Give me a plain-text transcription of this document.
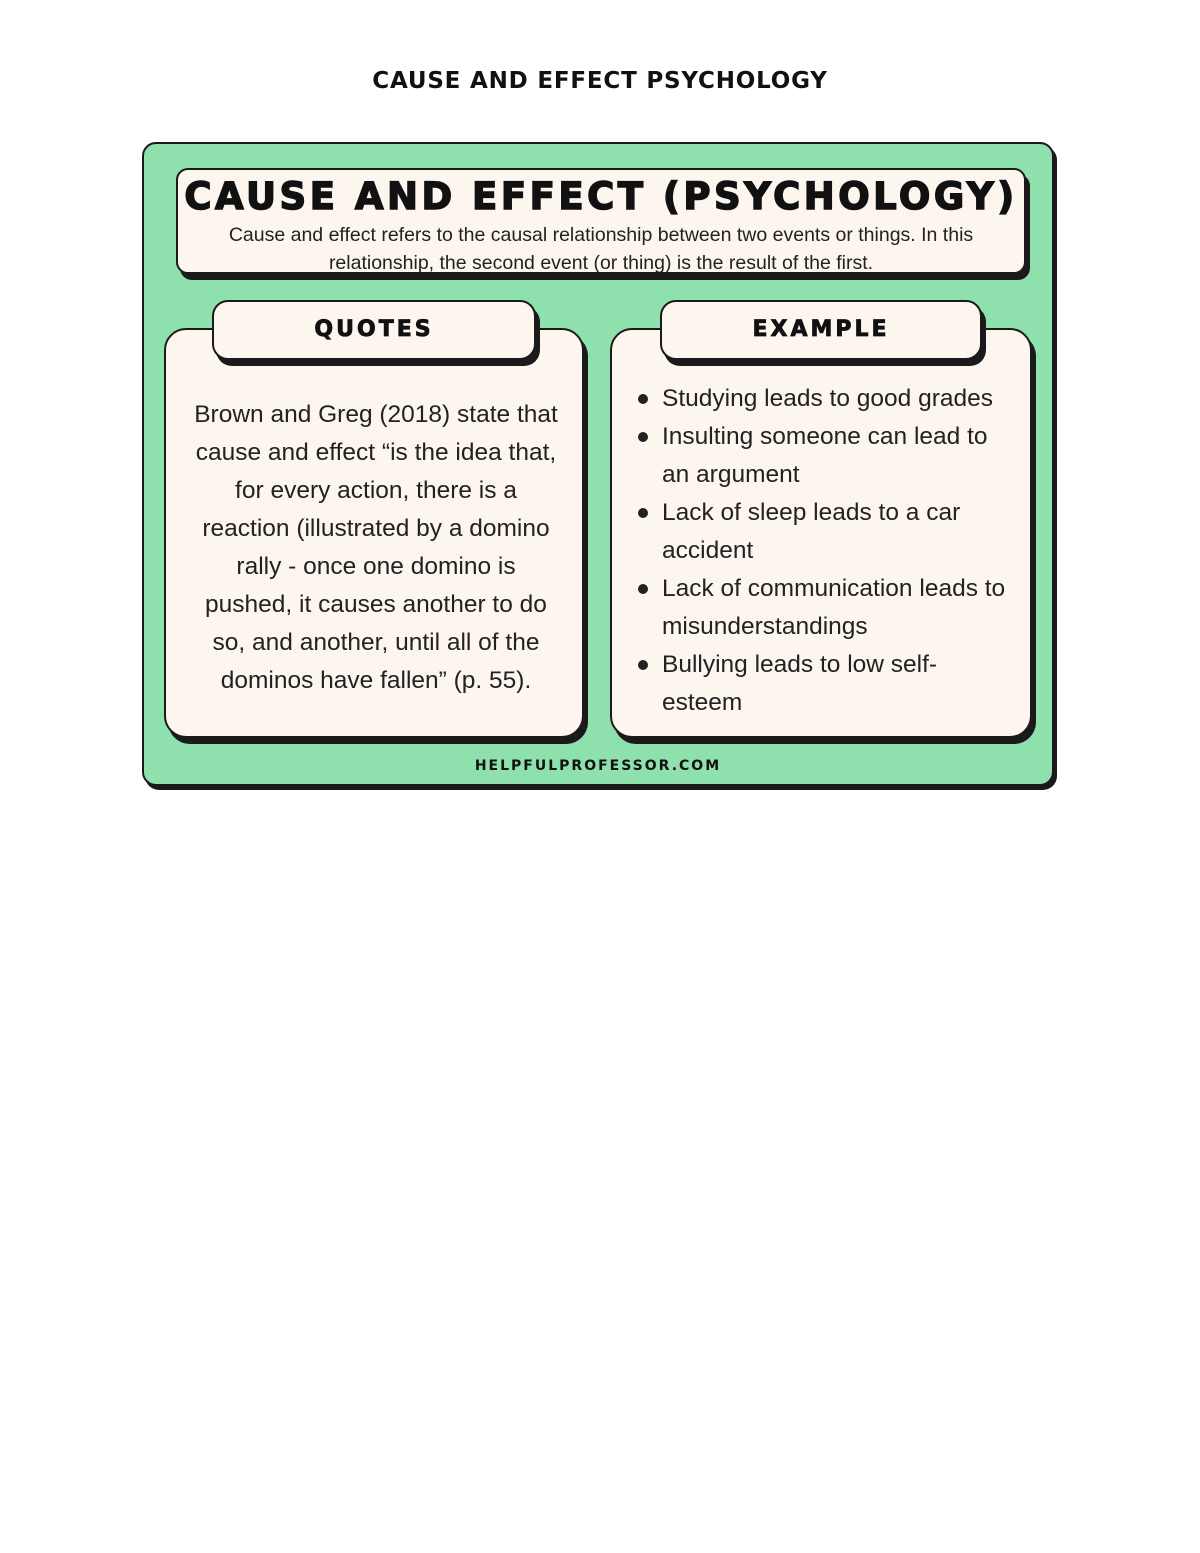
CAUSE AND EFFECT PSYCHOLOGY
CAUSE AND EFFECT (PSYCHOLOGY)
Cause and effect refers to the causal relationship between two events or things. In this relationship, the second event (or thing) is the result of the first.
Brown and Greg (2018) state that cause and effect “is the idea that, for every action, there is a reaction (illustrated by a domino rally - once one domino is pushed, it causes another to do so, and another, until all of the dominos have fallen” (p. 55).
QUOTES
Studying leads to good grades
Insulting someone can lead to an argument
Lack of sleep leads to a car accident
Lack of communication leads to misunderstandings
Bullying leads to low self-esteem
EXAMPLE
HELPFULPROFESSOR.COM
